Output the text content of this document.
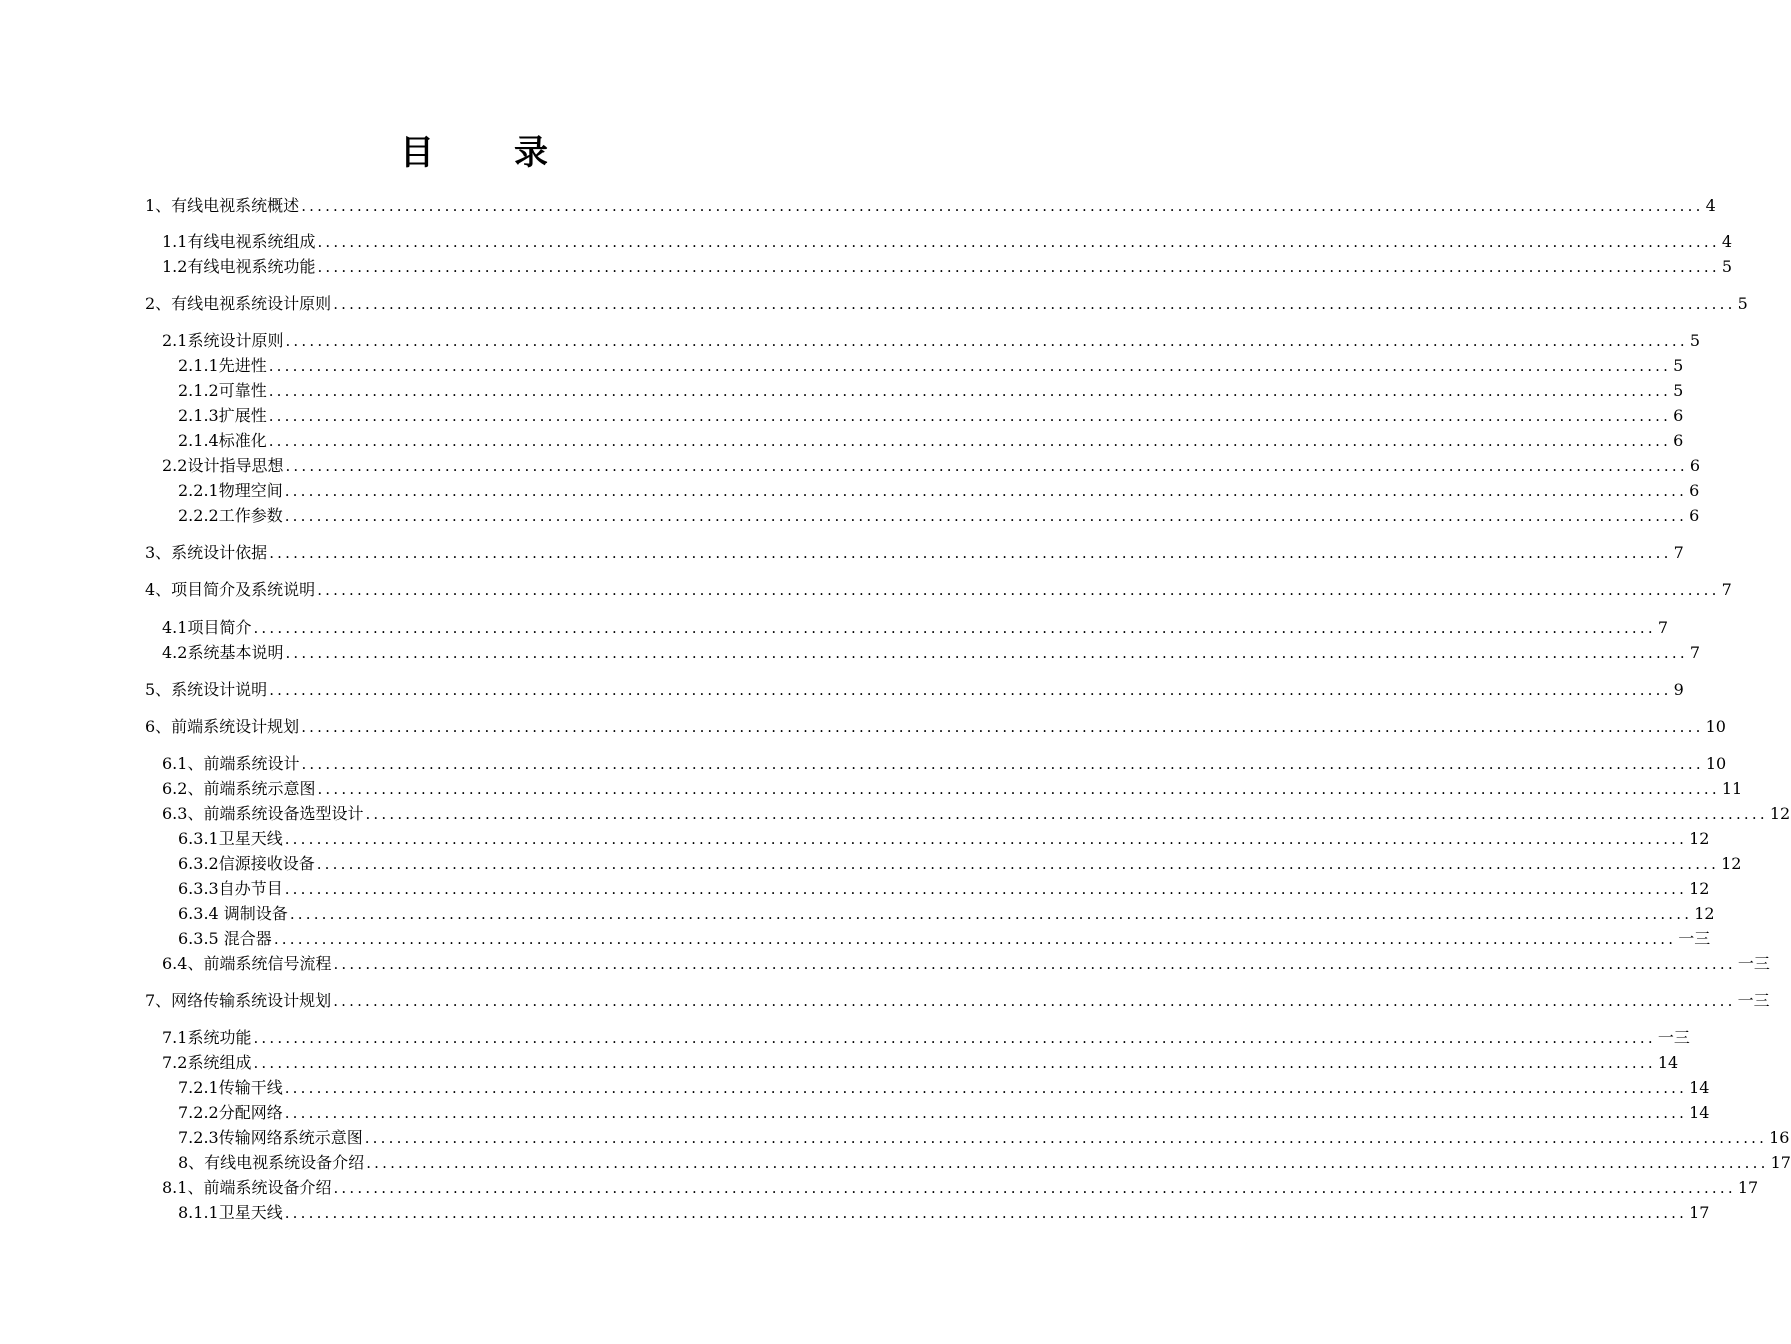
目 录
1、有线电视系统概述 ................................................................................................................................................................................ 4
1.1有线电视系统组成 ................................................................................................................................................................................ 4
1.2有线电视系统功能 ................................................................................................................................................................................ 5
2、有线电视系统设计原则 ................................................................................................................................................................................ 5
2.1系统设计原则 ................................................................................................................................................................................ 5
2.1.1先进性 ................................................................................................................................................................................ 5
2.1.2可靠性 ................................................................................................................................................................................ 5
2.1.3扩展性 ................................................................................................................................................................................ 6
2.1.4标准化 ................................................................................................................................................................................ 6
2.2设计指导思想 ................................................................................................................................................................................ 6
2.2.1物理空间 ................................................................................................................................................................................ 6
2.2.2工作参数 ................................................................................................................................................................................ 6
3、系统设计依据 ................................................................................................................................................................................ 7
4、项目简介及系统说明 ................................................................................................................................................................................ 7
4.1项目简介 ................................................................................................................................................................................ 7
4.2系统基本说明 ................................................................................................................................................................................ 7
5、系统设计说明 ................................................................................................................................................................................ 9
6、前端系统设计规划 ................................................................................................................................................................................ 10
6.1、前端系统设计 ................................................................................................................................................................................ 10
6.2、前端系统示意图 ................................................................................................................................................................................ 11
6.3、前端系统设备选型设计 ................................................................................................................................................................................ 12
6.3.1卫星天线 ................................................................................................................................................................................ 12
6.3.2信源接收设备 ................................................................................................................................................................................ 12
6.3.3自办节目 ................................................................................................................................................................................ 12
6.3.4 调制设备 ................................................................................................................................................................................ 12
6.3.5 混合器 ................................................................................................................................................................................ 一三
6.4、前端系统信号流程 ................................................................................................................................................................................ 一三
7、网络传输系统设计规划 ................................................................................................................................................................................ 一三
7.1系统功能 ................................................................................................................................................................................ 一三
7.2系统组成 ................................................................................................................................................................................ 14
7.2.1传输干线 ................................................................................................................................................................................ 14
7.2.2分配网络 ................................................................................................................................................................................ 14
7.2.3传输网络系统示意图 ................................................................................................................................................................................ 16
8、有线电视系统设备介绍 ................................................................................................................................................................................ 17
8.1、前端系统设备介绍 ................................................................................................................................................................................ 17
8.1.1卫星天线 ................................................................................................................................................................................ 17
